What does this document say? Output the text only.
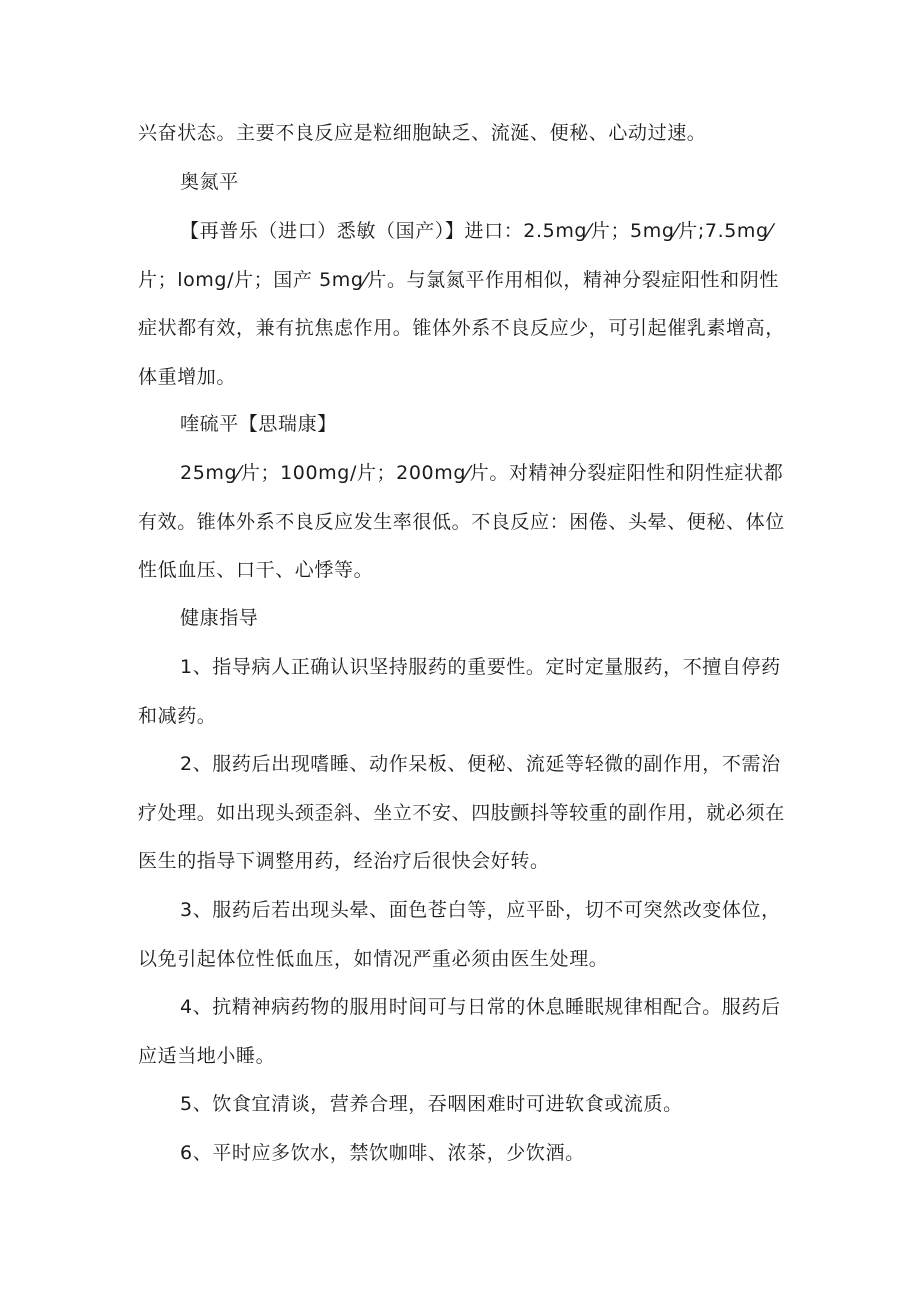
兴奋状态。主要不良反应是粒细胞缺乏、流涎、便秘、心动过速。

奥氮平

【再普乐（进口）悉敏（国产）】进口：2.5mg⁄片；5mg⁄片;7.5mg⁄片；lomg/片；国产 5mg⁄片。与氯氮平作用相似，精神分裂症阳性和阴性症状都有效，兼有抗焦虑作用。锥体外系不良反应少，可引起催乳素增高，体重增加。

喹硫平【思瑞康】

25mg⁄片；100mg/片；200mg⁄片。对精神分裂症阳性和阴性症状都有效。锥体外系不良反应发生率很低。不良反应：困倦、头晕、便秘、体位性低血压、口干、心悸等。

健康指导

1、指导病人正确认识坚持服药的重要性。定时定量服药，不擅自停药和减药。

2、服药后出现嗜睡、动作呆板、便秘、流延等轻微的副作用，不需治疗处理。如出现头颈歪斜、坐立不安、四肢颤抖等较重的副作用，就必须在医生的指导下调整用药，经治疗后很快会好转。

3、服药后若出现头晕、面色苍白等，应平卧，切不可突然改变体位，以免引起体位性低血压，如情况严重必须由医生处理。

4、抗精神病药物的服用时间可与日常的休息睡眠规律相配合。服药后应适当地小睡。

5、饮食宜清谈，营养合理，吞咽困难时可进软食或流质。

6、平时应多饮水，禁饮咖啡、浓茶，少饮酒。
